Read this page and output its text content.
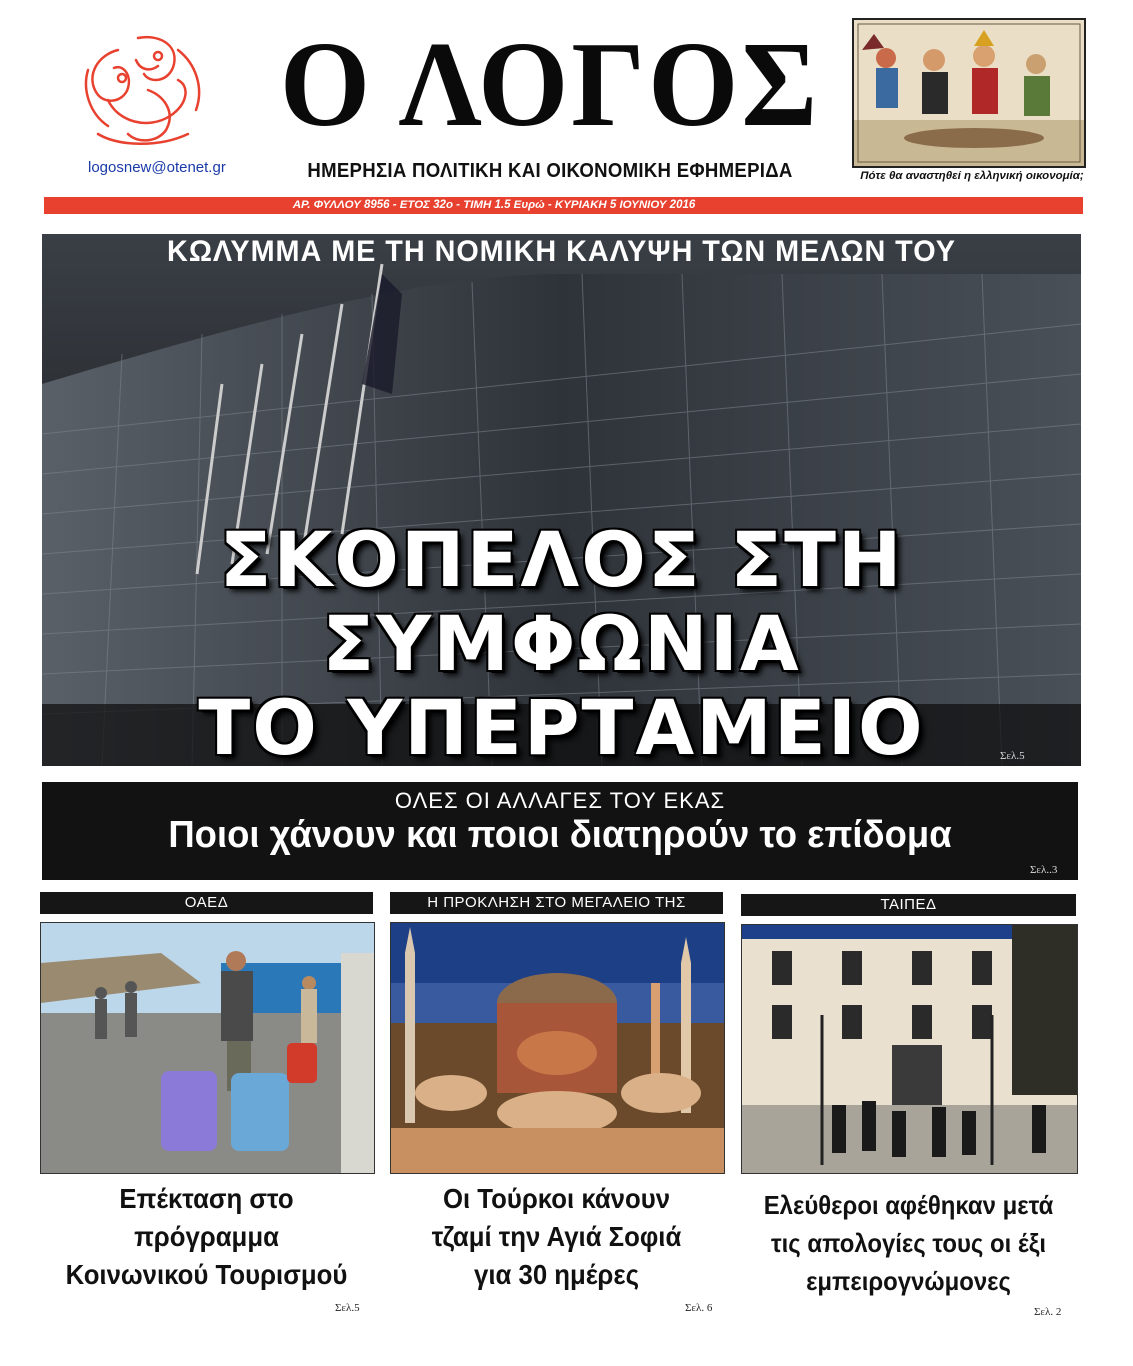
logosnew@otenet.gr
Ο ΛΟΓΟΣ
ΗΜΕΡΗΣΙΑ ΠΟΛΙΤΙΚΗ ΚΑΙ ΟΙΚΟΝΟΜΙΚΗ ΕΦΗΜΕΡΙΔΑ	Πότε θα αναστηθεί η ελληνική οικονομία;
ΑΡ. ΦΥΛΛΟΥ 8956 - ΕΤΟΣ 32ο - ΤΙΜΗ 1.5 Ευρώ - ΚΥΡΙΑΚΗ 5 ΙΟΥΝΙΟΥ 2016
ΚΩΛΥΜΜΑ ΜΕ ΤΗ ΝΟΜΙΚΗ ΚΑΛΥΨΗ ΤΩΝ ΜΕΛΩΝ ΤΟΥ
ΣΚΟΠΕΛΟΣ ΣΤΗ ΣΥΜΦΩΝΙΑ
ΤΟ ΥΠΕΡΤΑΜΕΙΟ	Σελ.5
ΟΛΕΣ ΟΙ ΑΛΛΑΓΕΣ ΤΟΥ ΕΚΑΣ
Ποιοι χάνουν και ποιοι διατηρούν το επίδομα
Σελ..3
ΟΑΕΔ
Επέκταση στο
πρόγραμμα
Κοινωνικού Τουρισμού
Σελ.5
Η ΠΡΟΚΛΗΣΗ ΣΤΟ ΜΕΓΑΛΕΙΟ ΤΗΣ
Οι Τούρκοι κάνουν
τζαμί την Αγιά Σοφιά
για 30 ημέρες
Σελ. 6
ΤΑΙΠΕΔ
Ελεύθεροι αφέθηκαν μετά
τις απολογίες τους οι έξι
εμπειρογνώμονες
Σελ. 2
